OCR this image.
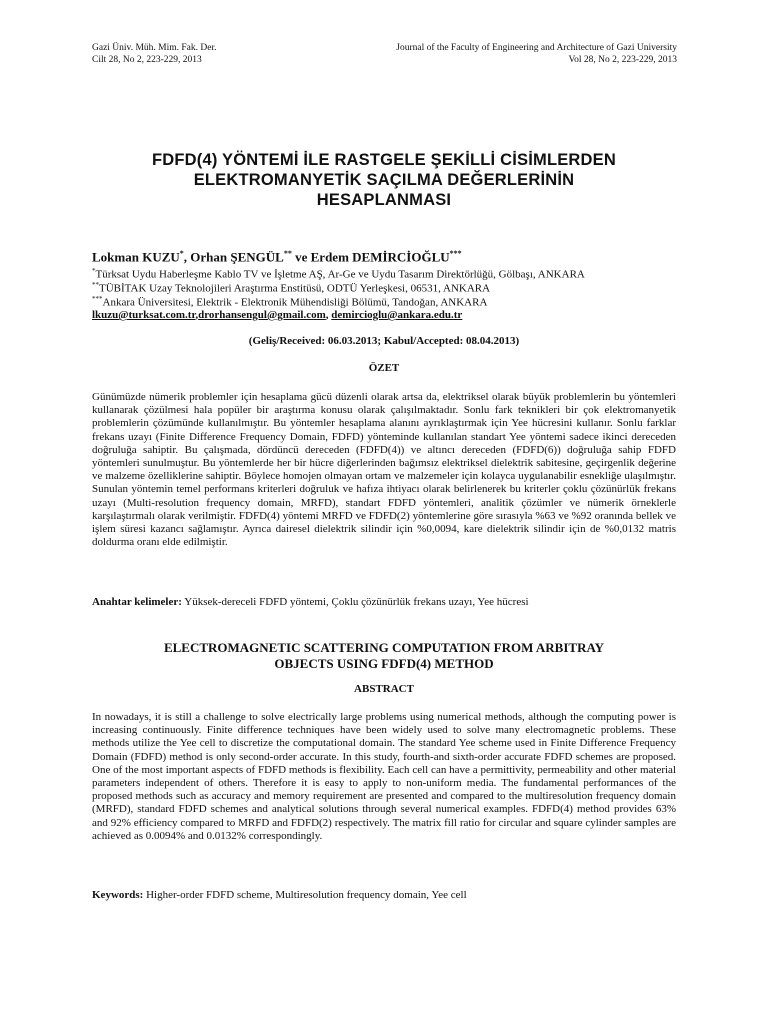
Gazi Üniv. Müh. Mim. Fak. Der.
Cilt 28, No 2, 223-229, 2013
Journal of the Faculty of Engineering and Architecture of Gazi University
Vol 28, No 2, 223-229, 2013
FDFD(4) YÖNTEMİ İLE RASTGELE ŞEKİLLİ CİSİMLERDEN
ELEKTROMANYETİK SAÇILMA DEĞERLERİNİN
HESAPLANMASI
Lokman KUZU*, Orhan ŞENGÜL** ve Erdem DEMİRCİOĞLU***
*Türksat Uydu Haberleşme Kablo TV ve İşletme AŞ, Ar-Ge ve Uydu Tasarım Direktörlüğü, Gölbaşı, ANKARA
**TÜBİTAK Uzay Teknolojileri Araştırma Enstitüsü, ODTÜ Yerleşkesi, 06531, ANKARA
***Ankara Üniversitesi, Elektrik - Elektronik Mühendisliği Bölümü, Tandoğan, ANKARA
lkuzu@turksat.com.tr,drorhansengul@gmail.com, demircioglu@ankara.edu.tr
(Geliş/Received: 06.03.2013; Kabul/Accepted: 08.04.2013)
ÖZET
Günümüzde nümerik problemler için hesaplama gücü düzenli olarak artsa da, elektriksel olarak büyük problemlerin bu yöntemleri kullanarak çözülmesi hala popüler bir araştırma konusu olarak çalışılmaktadır. Sonlu fark teknikleri bir çok elektromanyetik problemlerin çözümünde kullanılmıştır. Bu yöntemler hesaplama alanını ayrıklaştırmak için Yee hücresini kullanır. Sonlu farklar frekans uzayı (Finite Difference Frequency Domain, FDFD) yönteminde kullanılan standart Yee yöntemi sadece ikinci dereceden doğruluğa sahiptir. Bu çalışmada, dördüncü dereceden (FDFD(4)) ve altıncı dereceden (FDFD(6)) doğruluğa sahip FDFD yöntemleri sunulmuştur. Bu yöntemlerde her bir hücre diğerlerinden bağımsız elektriksel dielektrik sabitesine, geçirgenlik değerine ve malzeme özelliklerine sahiptir. Böylece homojen olmayan ortam ve malzemeler için kolayca uygulanabilir esnekliğe ulaşılmıştır. Sunulan yöntemin temel performans kriterleri doğruluk ve hafıza ihtiyacı olarak belirlenerek bu kriterler çoklu çözünürlük frekans uzayı (Multi-resolution frequency domain, MRFD), standart FDFD yöntemleri, analitik çözümler ve nümerik örneklerle karşılaştırmalı olarak verilmiştir. FDFD(4) yöntemi MRFD ve FDFD(2) yöntemlerine göre sırasıyla %63 ve %92 oranında bellek ve işlem süresi kazancı sağlamıştır. Ayrıca dairesel dielektrik silindir için %0,0094, kare dielektrik silindir için de %0,0132 matris doldurma oranı elde edilmiştir.
Anahtar kelimeler: Yüksek-dereceli FDFD yöntemi, Çoklu çözünürlük frekans uzayı, Yee hücresi
ELECTROMAGNETIC SCATTERING COMPUTATION FROM ARBITRAY
OBJECTS USING FDFD(4) METHOD
ABSTRACT
In nowadays, it is still a challenge to solve electrically large problems using numerical methods, although the computing power is increasing continuously. Finite difference techniques have been widely used to solve many electromagnetic problems. These methods utilize the Yee cell to discretize the computational domain. The standard Yee scheme used in Finite Difference Frequency Domain (FDFD) method is only second-order accurate. In this study, fourth-and sixth-order accurate FDFD schemes are proposed. One of the most important aspects of FDFD methods is flexibility. Each cell can have a permittivity, permeability and other material parameters independent of others. Therefore it is easy to apply to non-uniform media. The fundamental performances of the proposed methods such as accuracy and memory requirement are presented and compared to the multiresolution frequency domain (MRFD), standard FDFD schemes and analytical solutions through several numerical examples. FDFD(4) method provides 63% and 92% efficiency compared to MRFD and FDFD(2) respectively. The matrix fill ratio for circular and square cylinder samples are achieved as 0.0094% and 0.0132% correspondingly.
Keywords: Higher-order FDFD scheme, Multiresolution frequency domain, Yee cell
